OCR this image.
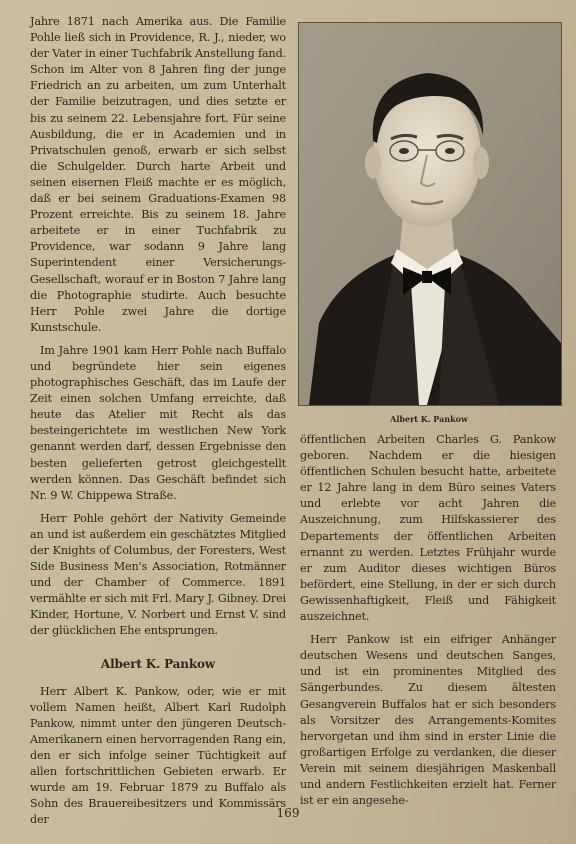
Jahre 1871 nach Amerika aus. Die Familie Pohle ließ sich in Providence, R. J., nieder, wo der Vater in einer Tuchfabrik Anstellung fand. Schon im Alter von 8 Jahren fing der junge Friedrich an zu arbeiten, um zum Unterhalt der Familie beizutragen, und dies setzte er bis zu seinem 22. Lebensjahre fort. Für seine Ausbildung, die er in Academien und in Privatschulen genoß, erwarb er sich selbst die Schulgelder. Durch harte Arbeit und seinen eisernen Fleiß machte er es möglich, daß er bei seinem Graduations-Examen 98 Prozent erreichte. Bis zu seinem 18. Jahre arbeitete er in einer Tuchfabrik zu Providence, war sodann 9 Jahre lang Superintendent einer Versicherungs-Gesellschaft, worauf er in Boston 7 Jahre lang die Photographie studirte. Auch besuchte Herr Pohle zwei Jahre die dortige Kunstschule.

Im Jahre 1901 kam Herr Pohle nach Buffalo und begründete hier sein eigenes photographisches Geschäft, das im Laufe der Zeit einen solchen Umfang erreichte, daß heute das Atelier mit Recht als das besteingerichtete im westlichen New York genannt werden darf, dessen Ergebnisse den besten gelieferten getrost gleichgestellt werden können. Das Geschäft befindet sich Nr. 9 W. Chippewa Straße.

Herr Pohle gehört der Nativity Gemeinde an und ist außerdem ein geschätztes Mitglied der Knights of Columbus, der Foresters, West Side Business Men's Association, Rotmänner und der Chamber of Commerce. 1891 vermählte er sich mit Frl. Mary J. Gibney. Drei Kinder, Hortune, V. Norbert und Ernst V. sind der glücklichen Ehe entsprungen.

Albert K. Pankow

Herr Albert K. Pankow, oder, wie er mit vollem Namen heißt, Albert Karl Rudolph Pankow, nimmt unter den jüngeren Deutsch-Amerikanern einen hervorragenden Rang ein, den er sich infolge seiner Tüchtigkeit auf allen fortschrittlichen Gebieten erwarb. Er wurde am 19. Februar 1879 zu Buffalo als Sohn des Brauereibesitzers und Kommissärs der

Albert K. Pankow

öffentlichen Arbeiten Charles G. Pankow geboren. Nachdem er die hiesigen öffentlichen Schulen besucht hatte, arbeitete er 12 Jahre lang in dem Büro seines Vaters und erlebte vor acht Jahren die Auszeichnung, zum Hilfskassierer des Departements der öffentlichen Arbeiten ernannt zu werden. Letztes Frühjahr wurde er zum Auditor dieses wichtigen Büros befördert, eine Stellung, in der er sich durch Gewissenhaftigkeit, Fleiß und Fähigkeit auszeichnet.

Herr Pankow ist ein eifriger Anhänger deutschen Wesens und deutschen Sanges, und ist ein prominentes Mitglied des Sängerbundes. Zu diesem ältesten Gesangverein Buffalos hat er sich besonders als Vorsitzer des Arrangements-Komites hervorgetan und ihm sind in erster Linie die großartigen Erfolge zu verdanken, die dieser Verein mit seinem diesjährigen Maskenball und andern Festlichkeiten erzielt hat. Ferner ist er ein angesehe-

169
